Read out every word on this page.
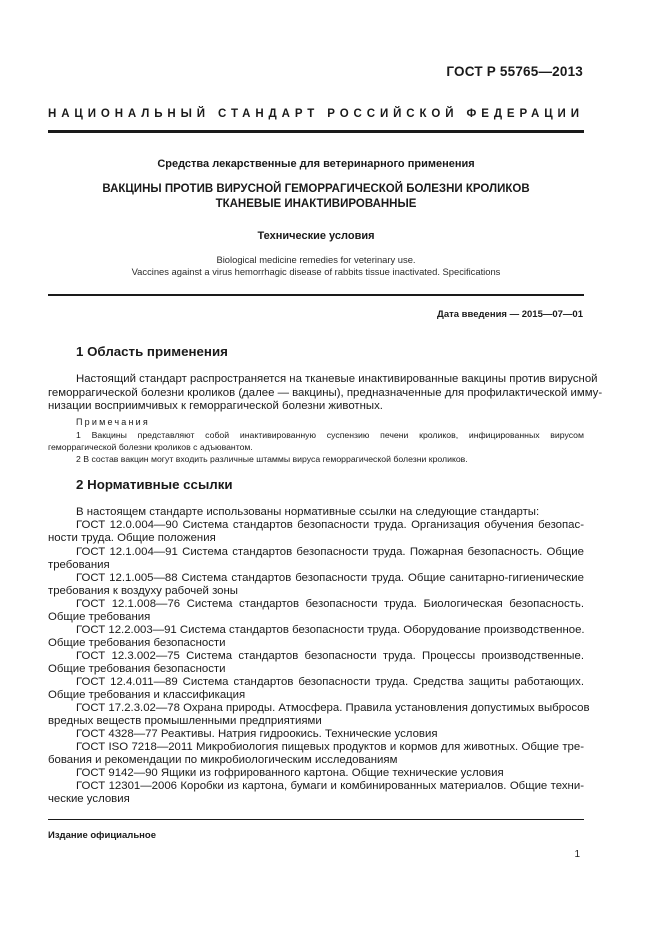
ГОСТ Р 55765—2013
НАЦИОНАЛЬНЫЙ СТАНДАРТ РОССИЙСКОЙ ФЕДЕРАЦИИ
Средства лекарственные для ветеринарного применения
ВАКЦИНЫ ПРОТИВ ВИРУСНОЙ ГЕМОРРАГИЧЕСКОЙ БОЛЕЗНИ КРОЛИКОВ
ТКАНЕВЫЕ ИНАКТИВИРОВАННЫЕ
Технические условия
Biological medicine remedies for veterinary use.
Vaccines against a virus hemorrhagic disease of rabbits tissue inactivated. Specifications
Дата введения — 2015—07—01
1 Область применения
Настоящий стандарт распространяется на тканевые инактивированные вакцины против вирусной
геморрагической болезни кроликов (далее — вакцины), предназначенные для профилактической имму-
низации восприимчивых к геморрагической болезни животных.
Примечания
1 Вакцины представляют собой инактивированную суспензию печени кроликов, инфицированных вирусом
геморрагической болезни кроликов с адъювантом.
2 В состав вакцин могут входить различные штаммы вируса геморрагической болезни кроликов.
2 Нормативные ссылки
В настоящем стандарте использованы нормативные ссылки на следующие стандарты:
ГОСТ 12.0.004—90 Система стандартов безопасности труда. Организация обучения безопас-
ности труда. Общие положения
ГОСТ 12.1.004—91 Система стандартов безопасности труда. Пожарная безопасность. Общие
требования
ГОСТ 12.1.005—88 Система стандартов безопасности труда. Общие санитарно-гигиенические
требования к воздуху рабочей зоны
ГОСТ 12.1.008—76 Система стандартов безопасности труда. Биологическая безопасность.
Общие требования
ГОСТ 12.2.003—91 Система стандартов безопасности труда. Оборудование производственное.
Общие требования безопасности
ГОСТ 12.3.002—75 Система стандартов безопасности труда. Процессы производственные.
Общие требования безопасности
ГОСТ 12.4.011—89 Система стандартов безопасности труда. Средства защиты работающих.
Общие требования и классификация
ГОСТ 17.2.3.02—78 Охрана природы. Атмосфера. Правила установления допустимых выбросов
вредных веществ промышленными предприятиями
ГОСТ 4328—77 Реактивы. Натрия гидроокись. Технические условия
ГОСТ ISO 7218—2011 Микробиология пищевых продуктов и кормов для животных. Общие тре-
бования и рекомендации по микробиологическим исследованиям
ГОСТ 9142—90 Ящики из гофрированного картона. Общие технические условия
ГОСТ 12301—2006 Коробки из картона, бумаги и комбинированных материалов. Общие техни-
ческие условия
Издание официальное
1
